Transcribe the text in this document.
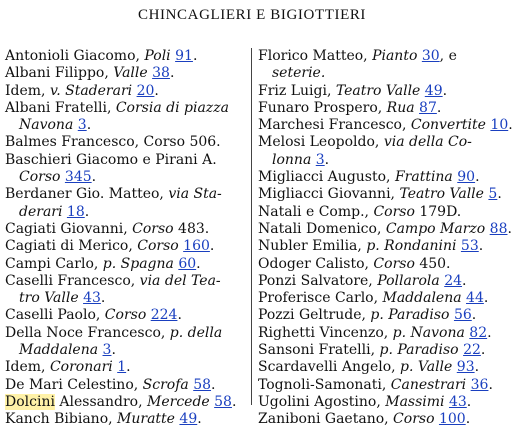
CHINCAGLIERI E BIGIOTTIERI
Antonioli Giacomo, Poli 91.
Albani Filippo, Valle 38.
Idem, v. Staderari 20.
Albani Fratelli, Corsia di piazza
Navona 3.
Balmes Francesco, Corso 506.
Baschieri Giacomo e Pirani A.
Corso 345.
Berdaner Gio. Matteo, via Sta-
derari 18.
Cagiati Giovanni, Corso 483.
Cagiati di Merico, Corso 160.
Campi Carlo, p. Spagna 60.
Caselli Francesco, via del Tea-
tro Valle 43.
Caselli Paolo, Corso 224.
Della Noce Francesco, p. della
Maddalena 3.
Idem, Coronari 1.
De Mari Celestino, Scrofa 58.
Dolcini Alessandro, Mercede 58.
Kanch Bibiano, Muratte 49.
Florico Matteo, Pianto 30, e
seterie.
Friz Luigi, Teatro Valle 49.
Funaro Prospero, Rua 87.
Marchesi Francesco, Convertite 10.
Melosi Leopoldo, via della Co-
lonna 3.
Migliacci Augusto, Frattina 90.
Migliacci Giovanni, Teatro Valle 5.
Natali e Comp., Corso 179D.
Natali Domenico, Campo Marzo 88.
Nubler Emilia, p. Rondanini 53.
Odoger Calisto, Corso 450.
Ponzi Salvatore, Pollarola 24.
Proferisce Carlo, Maddalena 44.
Pozzi Geltrude, p. Paradiso 56.
Righetti Vincenzo, p. Navona 82.
Sansoni Fratelli, p. Paradiso 22.
Scardavelli Angelo, p. Valle 93.
Tognoli-Samonati, Canestrari 36.
Ugolini Agostino, Massimi 43.
Zaniboni Gaetano, Corso 100.
